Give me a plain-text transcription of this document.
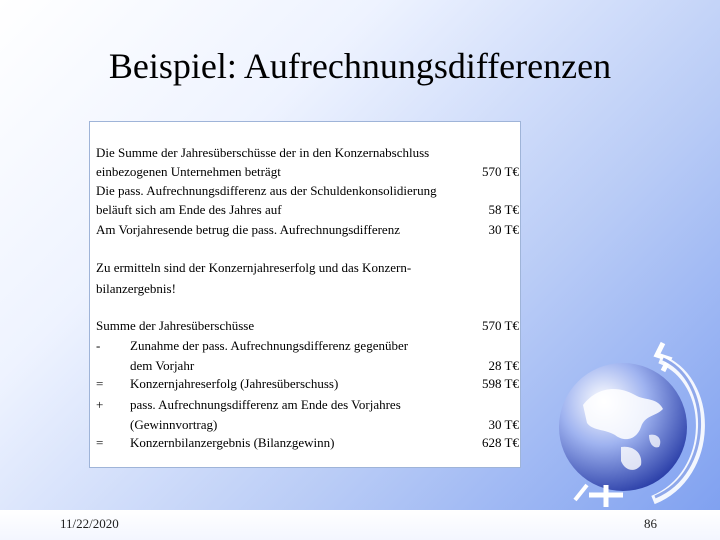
Beispiel: Aufrechnungsdifferenzen
Die Summe der Jahresüberschüsse der in den Konzernabschluss
einbezogenen Unternehmen beträgt	570 T€
Die pass. Aufrechnungsdifferenz aus der Schuldenkonsolidierung
beläuft sich am Ende des Jahres auf	58 T€
Am Vorjahresende betrug die pass. Aufrechnungsdifferenz	30 T€
Zu ermitteln sind der Konzernjahreserfolg und das Konzern-
bilanzergebnis!
Summe der Jahresüberschüsse	570 T€
- Zunahme der pass. Aufrechnungsdifferenz gegenüber
dem Vorjahr	28 T€
= Konzernjahreserfolg (Jahresüberschuss)	598 T€
+ pass. Aufrechnungsdifferenz am Ende des Vorjahres
(Gewinnvortrag)	30 T€
= Konzernbilanzergebnis (Bilanzgewinn)	628 T€
11/22/2020	86
